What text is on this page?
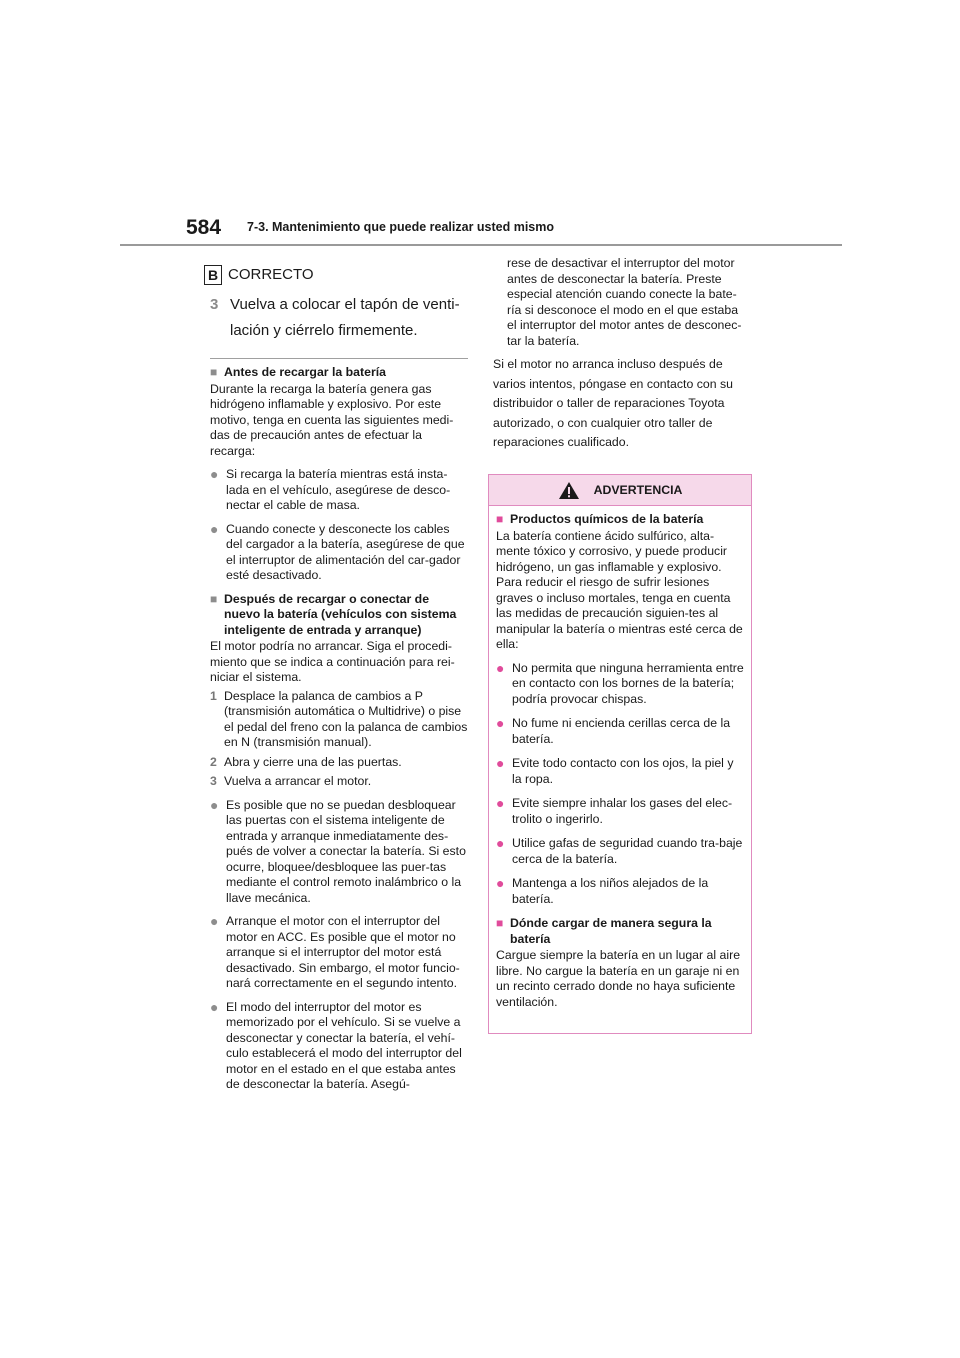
584 7-3. Mantenimiento que puede realizar usted mismo
B CORRECTO
3 Vuelva a colocar el tapón de venti-lación y ciérrelo firmemente.
■ Antes de recargar la batería
Durante la recarga la batería genera gas hidrógeno inflamable y explosivo. Por este motivo, tenga en cuenta las siguientes medi-das de precaución antes de efectuar la recarga:
● Si recarga la batería mientras está insta-lada en el vehículo, asegúrese de desco-nectar el cable de masa.
● Cuando conecte y desconecte los cables del cargador a la batería, asegúrese de que el interruptor de alimentación del car-gador esté desactivado.
■ Después de recargar o conectar de nuevo la batería (vehículos con sistema inteligente de entrada y arranque)
El motor podría no arrancar. Siga el procedi-miento que se indica a continuación para rei-niciar el sistema.
1 Desplace la palanca de cambios a P (transmisión automática o Multidrive) o pise el pedal del freno con la palanca de cambios en N (transmisión manual).
2 Abra y cierre una de las puertas.
3 Vuelva a arrancar el motor.
● Es posible que no se puedan desbloquear las puertas con el sistema inteligente de entrada y arranque inmediatamente des-pués de volver a conectar la batería. Si esto ocurre, bloquee/desbloquee las puer-tas mediante el control remoto inalámbrico o la llave mecánica.
● Arranque el motor con el interruptor del motor en ACC. Es posible que el motor no arranque si el interruptor del motor está desactivado. Sin embargo, el motor funcio-nará correctamente en el segundo intento.
● El modo del interruptor del motor es memorizado por el vehículo. Si se vuelve a desconectar y conectar la batería, el vehí-culo establecerá el modo del interruptor del motor en el estado en el que estaba antes de desconectar la batería. Asegú-
rese de desactivar el interruptor del motor antes de desconectar la batería. Preste especial atención cuando conecte la bate-ría si desconoce el modo en el que estaba el interruptor del motor antes de desconec-tar la batería.
Si el motor no arranca incluso después de varios intentos, póngase en contacto con su distribuidor o taller de reparaciones Toyota autorizado, o con cualquier otro taller de reparaciones cualificado.
ADVERTENCIA
■ Productos químicos de la batería
La batería contiene ácido sulfúrico, alta-mente tóxico y corrosivo, y puede producir hidrógeno, un gas inflamable y explosivo. Para reducir el riesgo de sufrir lesiones graves o incluso mortales, tenga en cuenta las medidas de precaución siguien-tes al manipular la batería o mientras esté cerca de ella:
● No permita que ninguna herramienta entre en contacto con los bornes de la batería; podría provocar chispas.
● No fume ni encienda cerillas cerca de la batería.
● Evite todo contacto con los ojos, la piel y la ropa.
● Evite siempre inhalar los gases del elec-trolito o ingerirlo.
● Utilice gafas de seguridad cuando tra-baje cerca de la batería.
● Mantenga a los niños alejados de la batería.
■ Dónde cargar de manera segura la batería
Cargue siempre la batería en un lugar al aire libre. No cargue la batería en un garaje ni en un recinto cerrado donde no haya suficiente ventilación.
